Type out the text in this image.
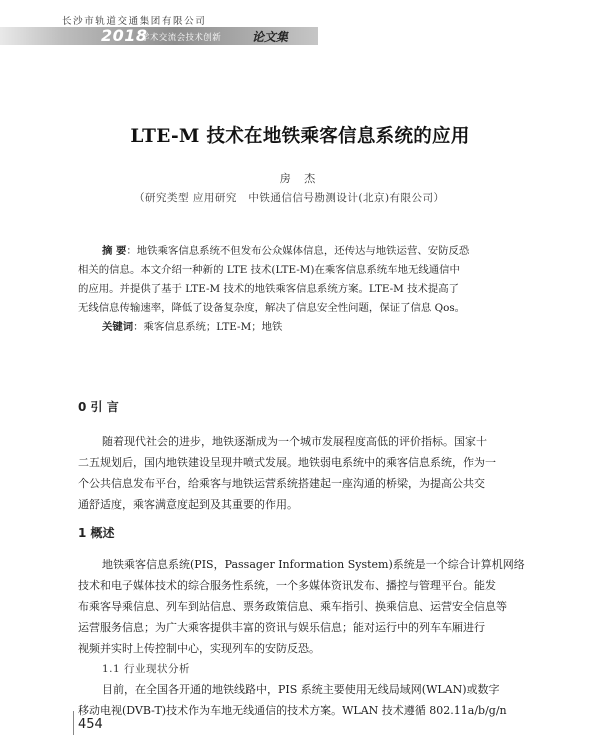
长沙市轨道交通集团有限公司
2018
学术交流会技术创新	论文集
LTE-M 技术在地铁乘客信息系统的应用
房 杰
（研究类型 应用研究   中铁通信信号勘测设计(北京)有限公司）
摘 要：地铁乘客信息系统不但发布公众媒体信息，还传达与地铁运营、安防反恐
相关的信息。本文介绍一种新的 LTE 技术(LTE-M)在乘客信息系统车地无线通信中
的应用。并提供了基于 LTE-M 技术的地铁乘客信息系统方案。LTE-M 技术提高了
无线信息传输速率，降低了设备复杂度，解决了信息安全性问题，保证了信息 Qos。
关键词：乘客信息系统；LTE-M；地铁
0 引 言
随着现代社会的进步，地铁逐渐成为一个城市发展程度高低的评价指标。国家十
二五规划后，国内地铁建设呈现井喷式发展。地铁弱电系统中的乘客信息系统，作为一
个公共信息发布平台，给乘客与地铁运营系统搭建起一座沟通的桥梁，为提高公共交
通舒适度，乘客满意度起到及其重要的作用。
1 概述
地铁乘客信息系统(PIS，Passager Information System)系统是一个综合计算机网络
技术和电子媒体技术的综合服务性系统，一个多媒体资讯发布、播控与管理平台。能发
布乘客导乘信息、列车到站信息、票务政策信息、乘车指引、换乘信息、运营安全信息等
运营服务信息；为广大乘客提供丰富的资讯与娱乐信息；能对运行中的列车车厢进行
视频并实时上传控制中心，实现列车的安防反恐。
1.1 行业现状分析
目前，在全国各开通的地铁线路中，PIS 系统主要使用无线局域网(WLAN)或数字
移动电视(DVB-T)技术作为车地无线通信的技术方案。WLAN 技术遵循 802.11a/b/g/n
454
